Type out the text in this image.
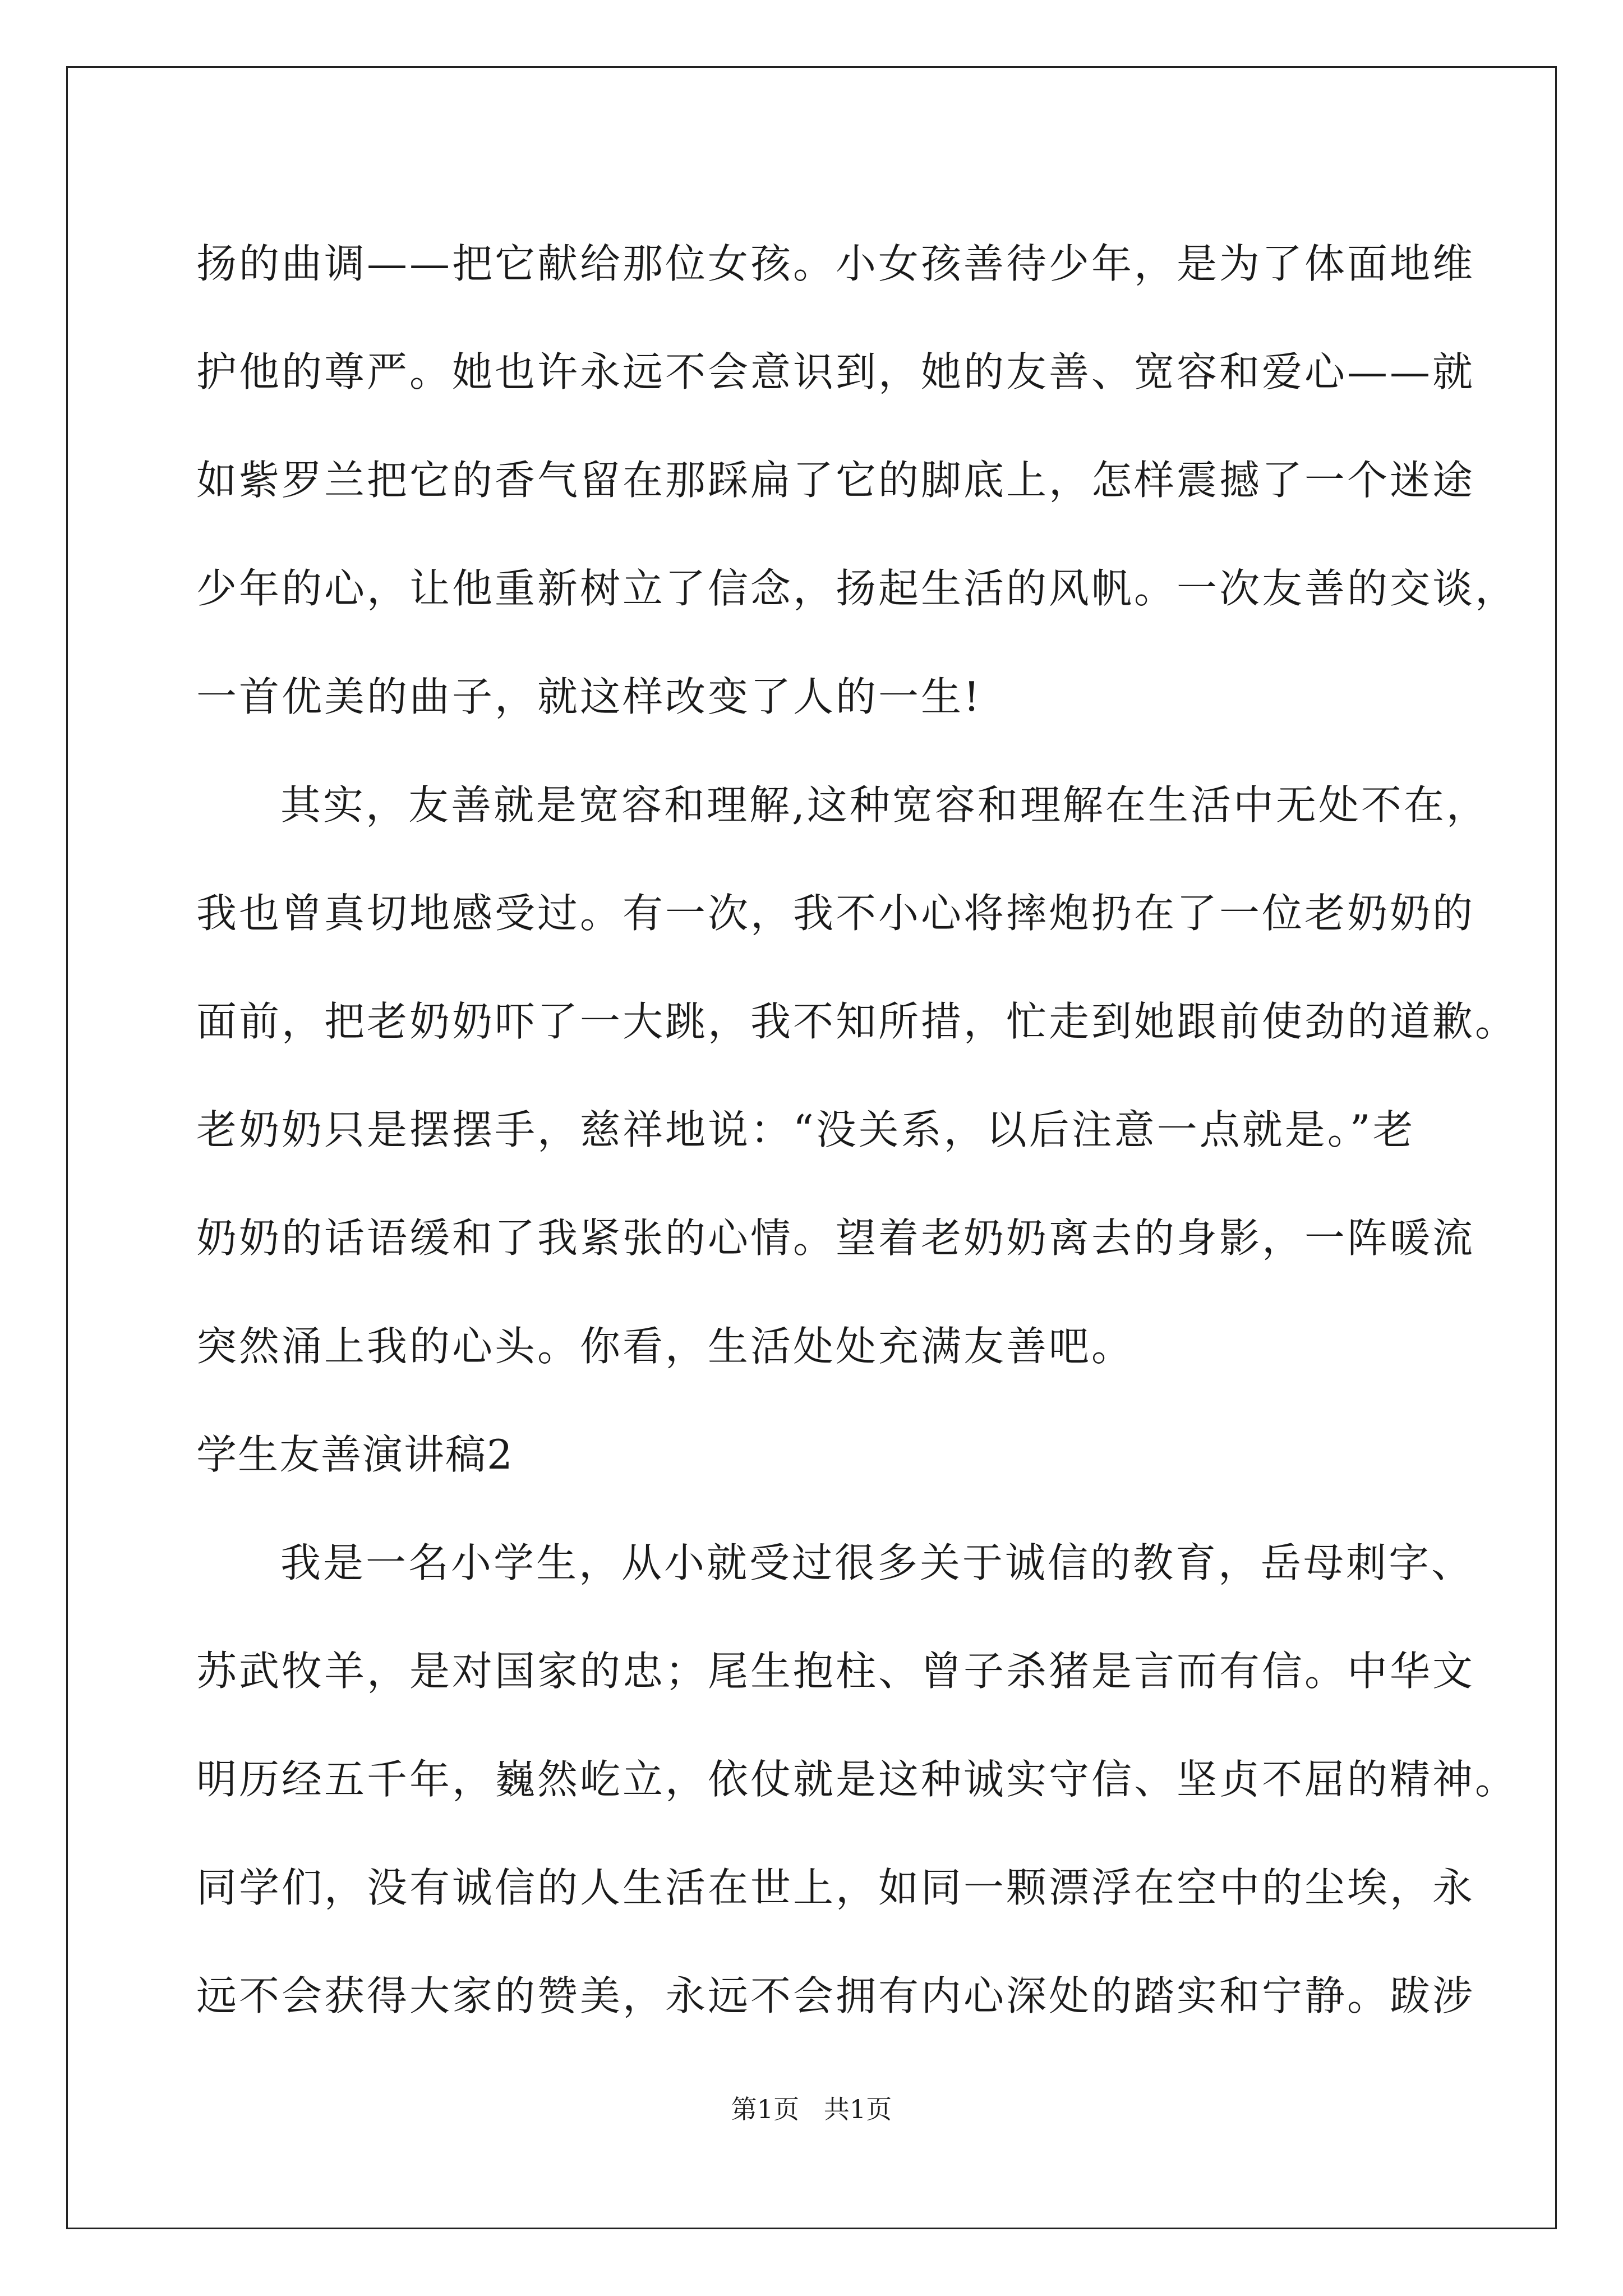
扬的曲调——把它献给那位女孩。小女孩善待少年，是为了体面地维
护他的尊严。她也许永远不会意识到，她的友善、宽容和爱心——就
如紫罗兰把它的香气留在那踩扁了它的脚底上，怎样震撼了一个迷途
少年的心，让他重新树立了信念，扬起生活的风帆。一次友善的交谈，
一首优美的曲子，就这样改变了人的一生!
其实，友善就是宽容和理解,这种宽容和理解在生活中无处不在，
我也曾真切地感受过。有一次，我不小心将摔炮扔在了一位老奶奶的
面前，把老奶奶吓了一大跳，我不知所措，忙走到她跟前使劲的道歉。
老奶奶只是摆摆手，慈祥地说：“没关系，以后注意一点就是。”老
奶奶的话语缓和了我紧张的心情。望着老奶奶离去的身影，一阵暖流
突然涌上我的心头。你看，生活处处充满友善吧。
学生友善演讲稿2
我是一名小学生，从小就受过很多关于诚信的教育，岳母刺字、
苏武牧羊，是对国家的忠；尾生抱柱、曾子杀猪是言而有信。中华文
明历经五千年，巍然屹立，依仗就是这种诚实守信、坚贞不屈的精神。
同学们，没有诚信的人生活在世上，如同一颗漂浮在空中的尘埃，永
远不会获得大家的赞美，永远不会拥有内心深处的踏实和宁静。跋涉
第1页   共1页
